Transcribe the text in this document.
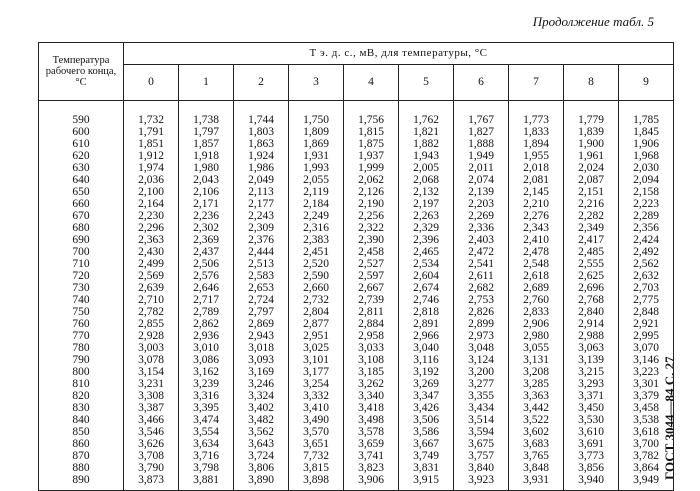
Продолжение табл. 5
ГОСТ 3044—84 С. 27
Температура рабочего конца, °С	Т э. д. с., мВ, для температуры, °С									
	0	1	2	3	4	5	6	7	8	9

590	1,732	1,738	1,744	1,750	1,756	1,762	1,767	1,773	1,779	1,785
600	1,791	1,797	1,803	1,809	1,815	1,821	1,827	1,833	1,839	1,845
610	1,851	1,857	1,863	1,869	1,875	1,882	1,888	1,894	1,900	1,906
620	1,912	1,918	1,924	1,931	1,937	1,943	1,949	1,955	1,961	1,968
630	1,974	1,980	1,986	1,993	1,999	2,005	2,011	2,018	2,024	2,030
640	2,036	2,043	2,049	2,055	2,062	2,068	2,074	2,081	2,087	2,094
650	2,100	2,106	2,113	2,119	2,126	2,132	2,139	2,145	2,151	2,158
660	2,164	2,171	2,177	2,184	2,190	2,197	2,203	2,210	2,216	2,223
670	2,230	2,236	2,243	2,249	2,256	2,263	2,269	2,276	2,282	2,289
680	2,296	2,302	2,309	2,316	2,322	2,329	2,336	2,343	2,349	2,356
690	2,363	2,369	2,376	2,383	2,390	2,396	2,403	2,410	2,417	2,424
700	2,430	2,437	2,444	2,451	2,458	2,465	2,472	2,478	2,485	2,492
710	2,499	2,506	2,513	2,520	2,527	2,534	2,541	2,548	2,555	2,562
720	2,569	2,576	2,583	2,590	2,597	2,604	2,611	2,618	2,625	2,632
730	2,639	2,646	2,653	2,660	2,667	2,674	2,682	2,689	2,696	2,703
740	2,710	2,717	2,724	2,732	2,739	2,746	2,753	2,760	2,768	2,775
750	2,782	2,789	2,797	2,804	2,811	2,818	2,826	2,833	2,840	2,848
760	2,855	2,862	2,869	2,877	2,884	2,891	2,899	2,906	2,914	2,921
770	2,928	2,936	2,943	2,951	2,958	2,966	2,973	2,980	2,988	2,995
780	3,003	3,010	3,018	3,025	3,033	3,040	3,048	3,055	3,063	3,070
790	3,078	3,086	3,093	3,101	3,108	3,116	3,124	3,131	3,139	3,146
800	3,154	3,162	3,169	3,177	3,185	3,192	3,200	3,208	3,215	3,223
810	3,231	3,239	3,246	3,254	3,262	3,269	3,277	3,285	3,293	3,301
820	3,308	3,316	3,324	3,332	3,340	3,347	3,355	3,363	3,371	3,379
830	3,387	3,395	3,402	3,410	3,418	3,426	3,434	3,442	3,450	3,458
840	3,466	3,474	3,482	3,490	3,498	3,506	3,514	3,522	3,530	3,538
850	3,546	3,554	3,562	3,570	3,578	3,586	3,594	3,602	3,610	3,618
860	3,626	3,634	3,643	3,651	3,659	3,667	3,675	3,683	3,691	3,700
870	3,708	3,716	3,724	7,732	3,741	3,749	3,757	3,765	3,773	3,782
880	3,790	3,798	3,806	3,815	3,823	3,831	3,840	3,848	3,856	3,864
890	3,873	3,881	3,890	3,898	3,906	3,915	3,923	3,931	3,940	3,949
